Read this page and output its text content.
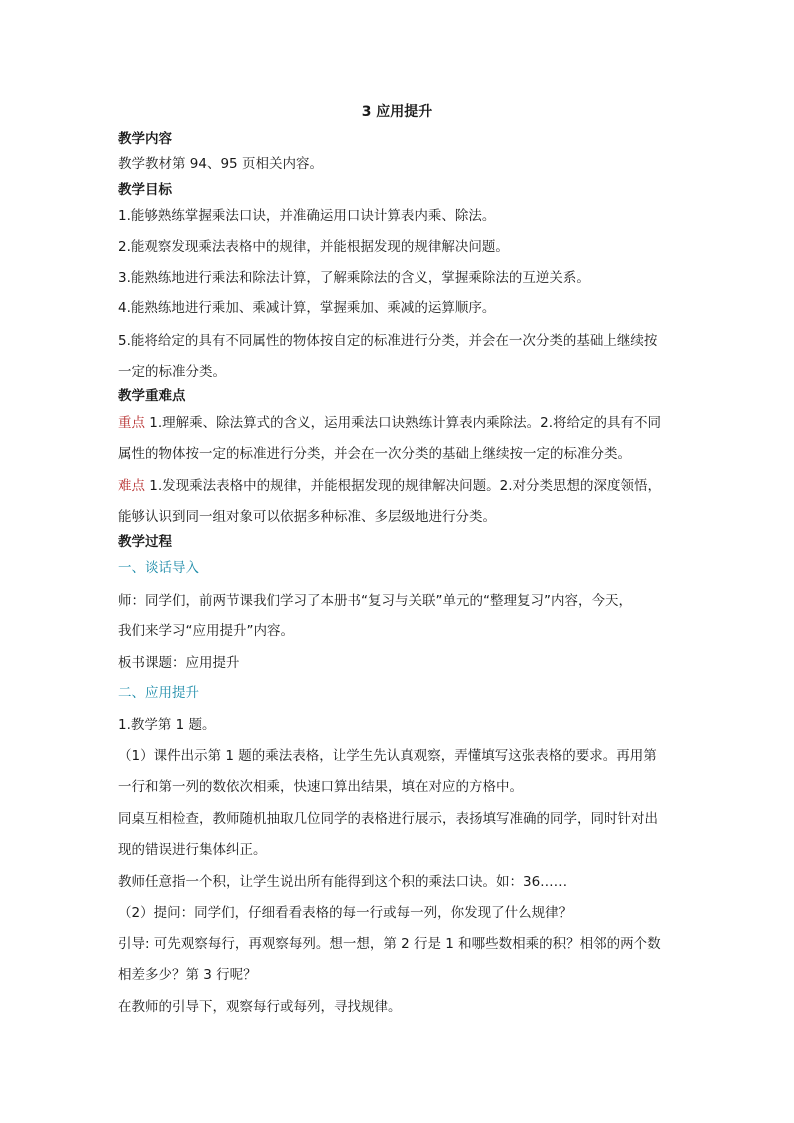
3 应用提升
教学内容
教学教材第 94、95 页相关内容。
教学目标
1.能够熟练掌握乘法口诀，并准确运用口诀计算表内乘、除法。
2.能观察发现乘法表格中的规律，并能根据发现的规律解决问题。
3.能熟练地进行乘法和除法计算，了解乘除法的含义，掌握乘除法的互逆关系。
4.能熟练地进行乘加、乘减计算，掌握乘加、乘减的运算顺序。
5.能将给定的具有不同属性的物体按自定的标准进行分类，并会在一次分类的基础上继续按
一定的标准分类。
教学重难点
重点 1.理解乘、除法算式的含义，运用乘法口诀熟练计算表内乘除法。2.将给定的具有不同
属性的物体按一定的标准进行分类，并会在一次分类的基础上继续按一定的标准分类。
难点 1.发现乘法表格中的规律，并能根据发现的规律解决问题。2.对分类思想的深度领悟，
能够认识到同一组对象可以依据多种标准、多层级地进行分类。
教学过程
一、谈话导入
师：同学们，前两节课我们学习了本册书“复习与关联”单元的“整理复习”内容，今天，
我们来学习“应用提升”内容。
板书课题：应用提升
二、应用提升
1.教学第 1 题。
（1）课件出示第 1 题的乘法表格，让学生先认真观察，弄懂填写这张表格的要求。再用第
一行和第一列的数依次相乘，快速口算出结果，填在对应的方格中。
同桌互相检查，教师随机抽取几位同学的表格进行展示，表扬填写准确的同学，同时针对出
现的错误进行集体纠正。
教师任意指一个积，让学生说出所有能得到这个积的乘法口诀。如：36……
（2）提问：同学们，仔细看看表格的每一行或每一列，你发现了什么规律？
引导: 可先观察每行，再观察每列。想一想，第 2 行是 1 和哪些数相乘的积？相邻的两个数
相差多少？第 3 行呢？
在教师的引导下，观察每行或每列，寻找规律。
